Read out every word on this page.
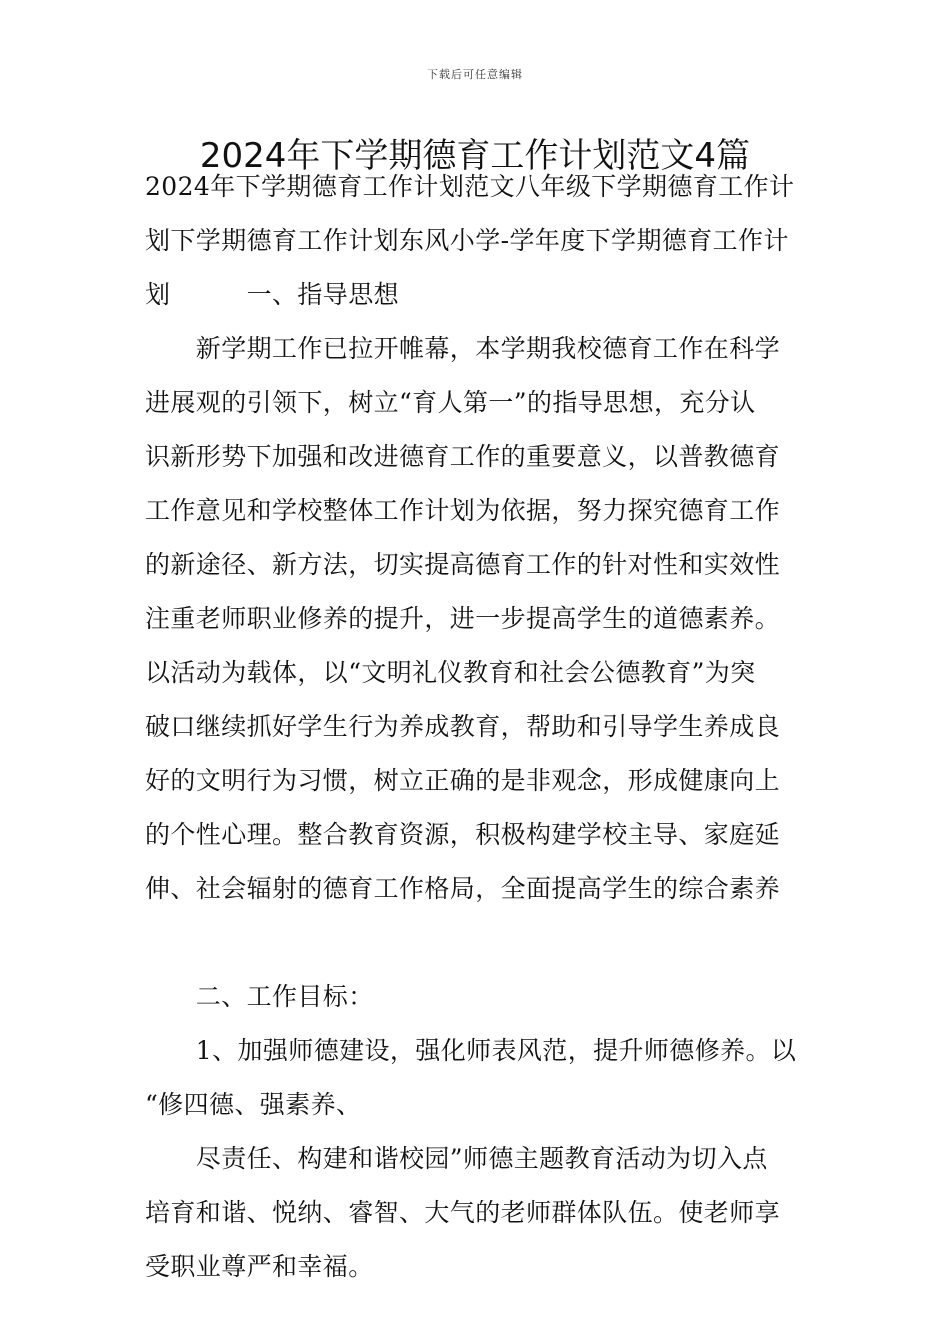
下载后可任意编辑
2024年下学期德育工作计划范文4篇

2024年下学期德育工作计划范文八年级下学期德育工作计

划下学期德育工作计划东风小学-学年度下学期德育工作计

划　　　一、指导思想

　　新学期工作已拉开帷幕，本学期我校德育工作在科学

进展观的引领下，树立“育人第一”的指导思想，充分认

识新形势下加强和改进德育工作的重要意义，以普教德育

工作意见和学校整体工作计划为依据，努力探究德育工作

的新途径、新方法，切实提高德育工作的针对性和实效性

注重老师职业修养的提升，进一步提高学生的道德素养。

以活动为载体，以“文明礼仪教育和社会公德教育”为突

破口继续抓好学生行为养成教育，帮助和引导学生养成良

好的文明行为习惯，树立正确的是非观念，形成健康向上

的个性心理。整合教育资源，积极构建学校主导、家庭延

伸、社会辐射的德育工作格局，全面提高学生的综合素养

　　二、工作目标：

　　1、加强师德建设，强化师表风范，提升师德修养。以

“修四德、强素养、

　　尽责任、构建和谐校园”师德主题教育活动为切入点

培育和谐、悦纳、睿智、大气的老师群体队伍。使老师享

受职业尊严和幸福。
